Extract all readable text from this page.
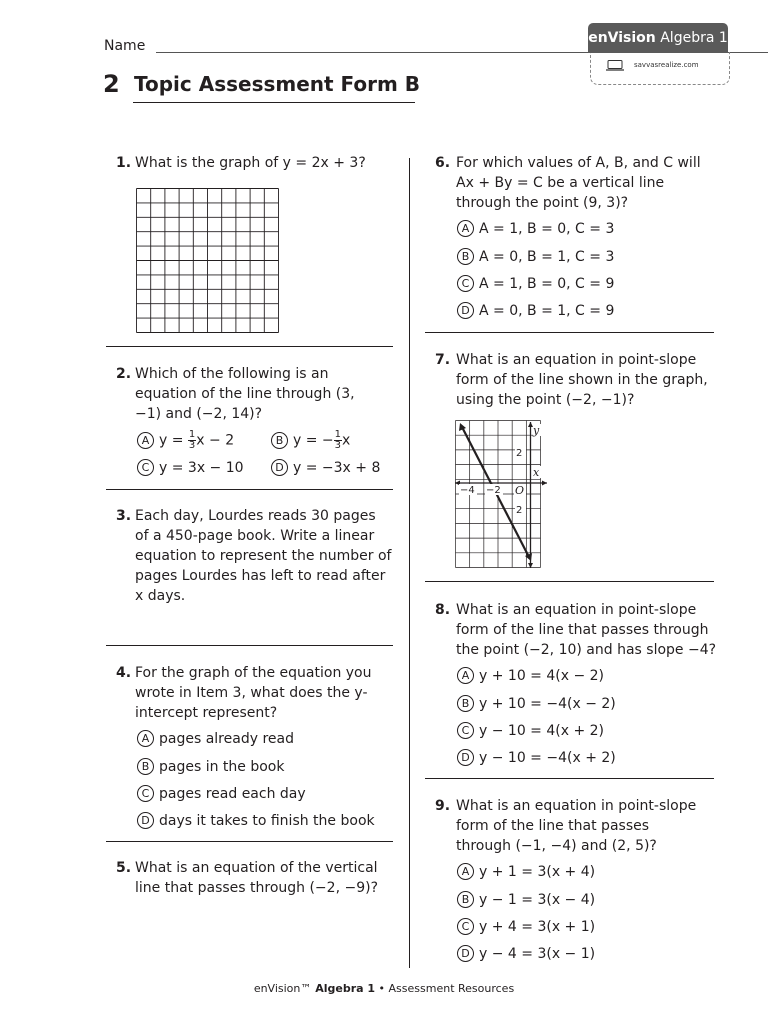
Name
2 Topic Assessment Form B
enVision Algebra 1
savvasrealize.com
1. What is the graph of y = 2x + 3?
2. Which of the following is an equation of the line through (3, −1) and (−2, 14)?
A $y = \frac{1}{3}$ x − 2	B y = − $\frac{1}{3}$ x
C y = 3x − 10	D y = −3x + 8
3. Each day, Lourdes reads 30 pages of a 450-page book. Write a linear equation to represent the number of pages Lourdes has left to read after x days.
4. For the graph of the equation you wrote in Item 3, what does the y-intercept represent?
A pages already read
B pages in the book
C pages read each day
D days it takes to finish the book
5. What is an equation of the vertical line that passes through (−2, −9)?
6. For which values of A, B, and C will Ax + By = C be a vertical line through the point (9, 3)?
A A = 1, B = 0, C = 3
B A = 0, B = 1, C = 3
C A = 1, B = 0, C = 9
D A = 0, B = 1, C = 9
7. What is an equation in point-slope form of the line shown in the graph, using the point (−2, −1)?
y
2
x
−4 −2 O
2
8. What is an equation in point-slope form of the line that passes through the point (−2, 10) and has slope −4?
A y + 10 = 4(x − 2)
B y + 10 = −4(x − 2)
C y − 10 = 4(x + 2)
D y − 10 = −4(x + 2)
9. What is an equation in point-slope form of the line that passes through (−1, −4) and (2, 5)?
A y + 1 = 3(x + 4)
B y − 1 = 3(x − 4)
C y + 4 = 3(x + 1)
D y − 4 = 3(x − 1)
enVision™ Algebra 1 • Assessment Resources
